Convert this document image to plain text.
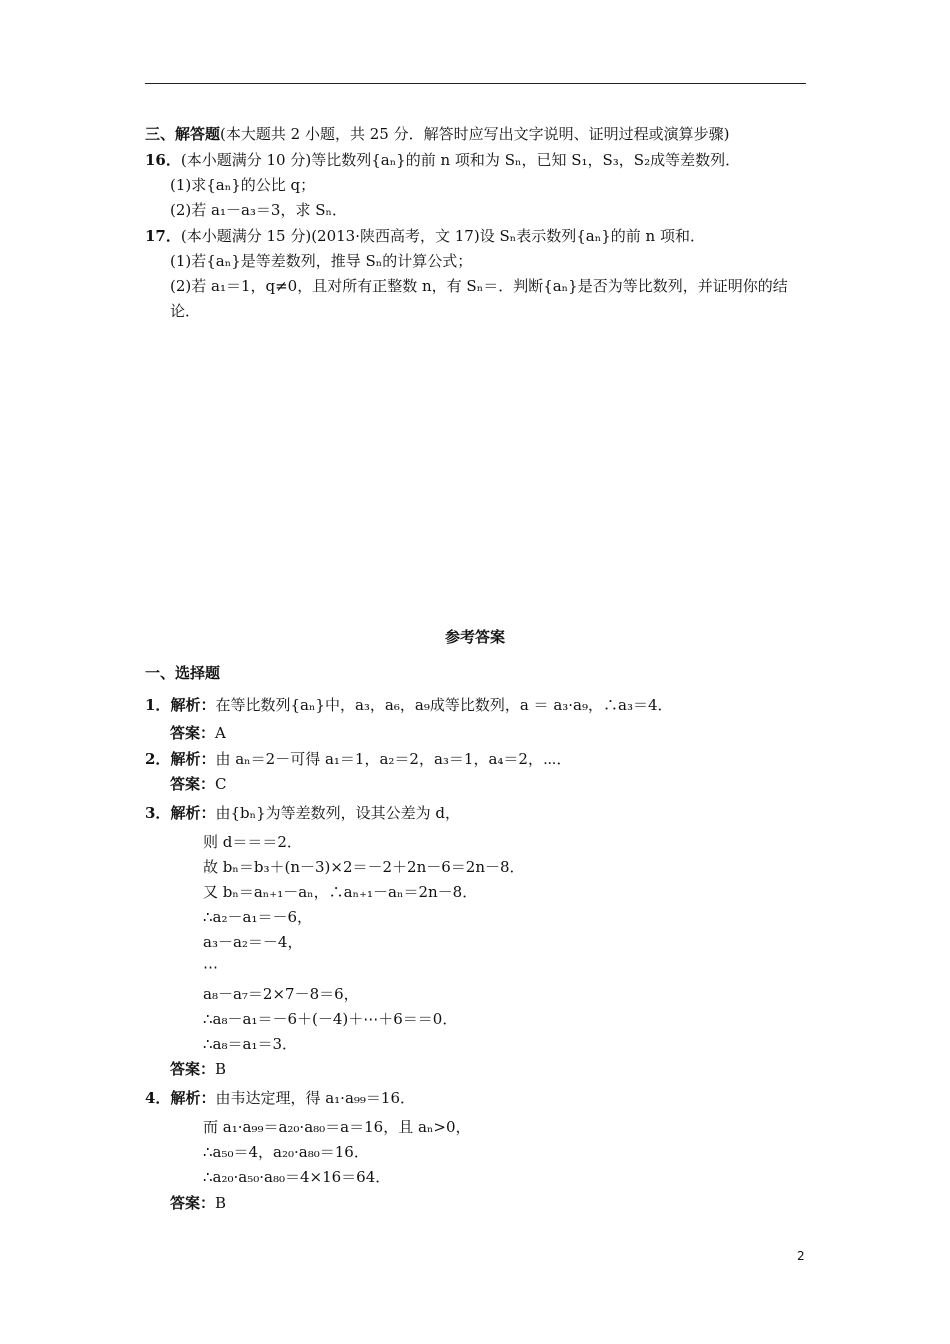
三、解答题(本大题共 2 小题，共 25 分．解答时应写出文字说明、证明过程或演算步骤)
16．(本小题满分 10 分)等比数列{aₙ}的前 n 项和为 Sₙ，已知 S₁，S₃，S₂成等差数列．
(1)求{aₙ}的公比 q；
(2)若 a₁－a₃＝3，求 Sₙ．
17．(本小题满分 15 分)(2013·陕西高考，文 17)设 Sₙ表示数列{aₙ}的前 n 项和．
(1)若{aₙ}是等差数列，推导 Sₙ的计算公式；
(2)若 a₁＝1，q≠0，且对所有正整数 n，有 Sₙ＝．判断{aₙ}是否为等比数列，并证明你的结
论．
参考答案
一、选择题
1．解析：在等比数列{aₙ}中，a₃，a₆，a₉成等比数列，a ＝ a₃·a₉，∴a₃＝4．
答案：A
2．解析：由 aₙ＝2－可得 a₁＝1，a₂＝2，a₃＝1，a₄＝2，⋯．
答案：C
3．解析：由{bₙ}为等差数列，设其公差为 d，
则 d＝＝＝2．
故 bₙ＝b₃＋(n－3)×2＝－2＋2n－6＝2n－8．
又 bₙ＝aₙ₊₁－aₙ，∴aₙ₊₁－aₙ＝2n－8．
∴a₂－a₁＝－6，
a₃－a₂＝－4，
⋯
a₈－a₇＝2×7－8＝6，
∴a₈－a₁＝－6＋(－4)＋⋯＋6＝＝0．
∴a₈＝a₁＝3．
答案：B
4．解析：由韦达定理，得 a₁·a₉₉＝16．
而 a₁·a₉₉＝a₂₀·a₈₀＝a＝16，且 aₙ>0，
∴a₅₀＝4，a₂₀·a₈₀＝16．
∴a₂₀·a₅₀·a₈₀＝4×16＝64．
答案：B
2
